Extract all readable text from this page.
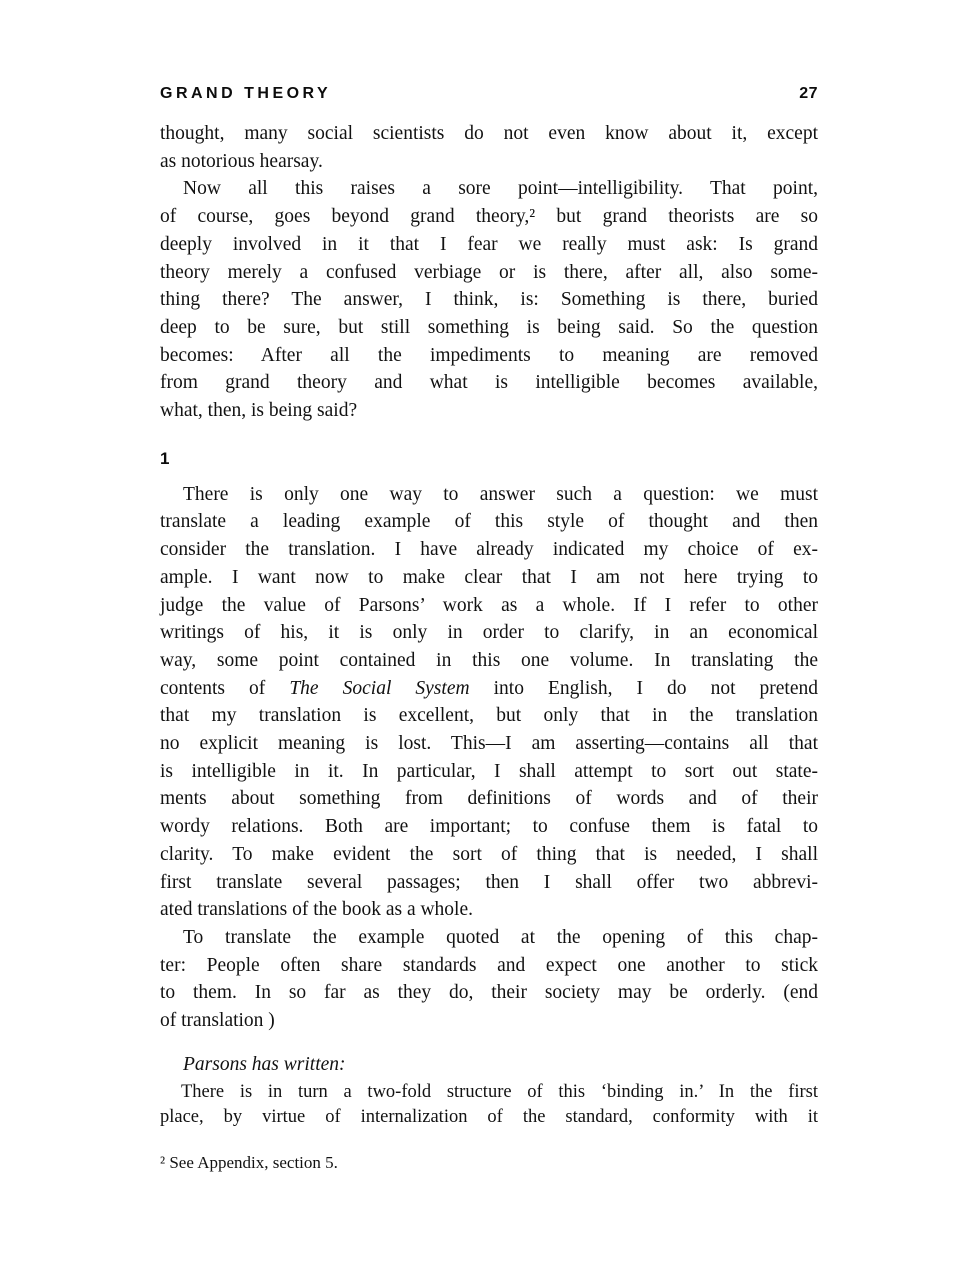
GRAND THEORY	27
thought, many social scientists do not even know about it, except
as notorious hearsay.
Now all this raises a sore point—intelligibility. That point,
of course, goes beyond grand theory,² but grand theorists are so
deeply involved in it that I fear we really must ask: Is grand
theory merely a confused verbiage or is there, after all, also some-
thing there? The answer, I think, is: Something is there, buried
deep to be sure, but still something is being said. So the question
becomes: After all the impediments to meaning are removed
from grand theory and what is intelligible becomes available,
what, then, is being said?
1
There is only one way to answer such a question: we must
translate a leading example of this style of thought and then
consider the translation. I have already indicated my choice of ex-
ample. I want now to make clear that I am not here trying to
judge the value of Parsons’ work as a whole. If I refer to other
writings of his, it is only in order to clarify, in an economical
way, some point contained in this one volume. In translating the
contents of The Social System into English, I do not pretend
that my translation is excellent, but only that in the translation
no explicit meaning is lost. This—I am asserting—contains all that
is intelligible in it. In particular, I shall attempt to sort out state-
ments about something from definitions of words and of their
wordy relations. Both are important; to confuse them is fatal to
clarity. To make evident the sort of thing that is needed, I shall
first translate several passages; then I shall offer two abbrevi-
ated translations of the book as a whole.
To translate the example quoted at the opening of this chap-
ter: People often share standards and expect one another to stick
to them. In so far as they do, their society may be orderly. (end
of translation )
Parsons has written:
There is in turn a two-fold structure of this ‘binding in.’ In the first
place, by virtue of internalization of the standard, conformity with it
² See Appendix, section 5.
